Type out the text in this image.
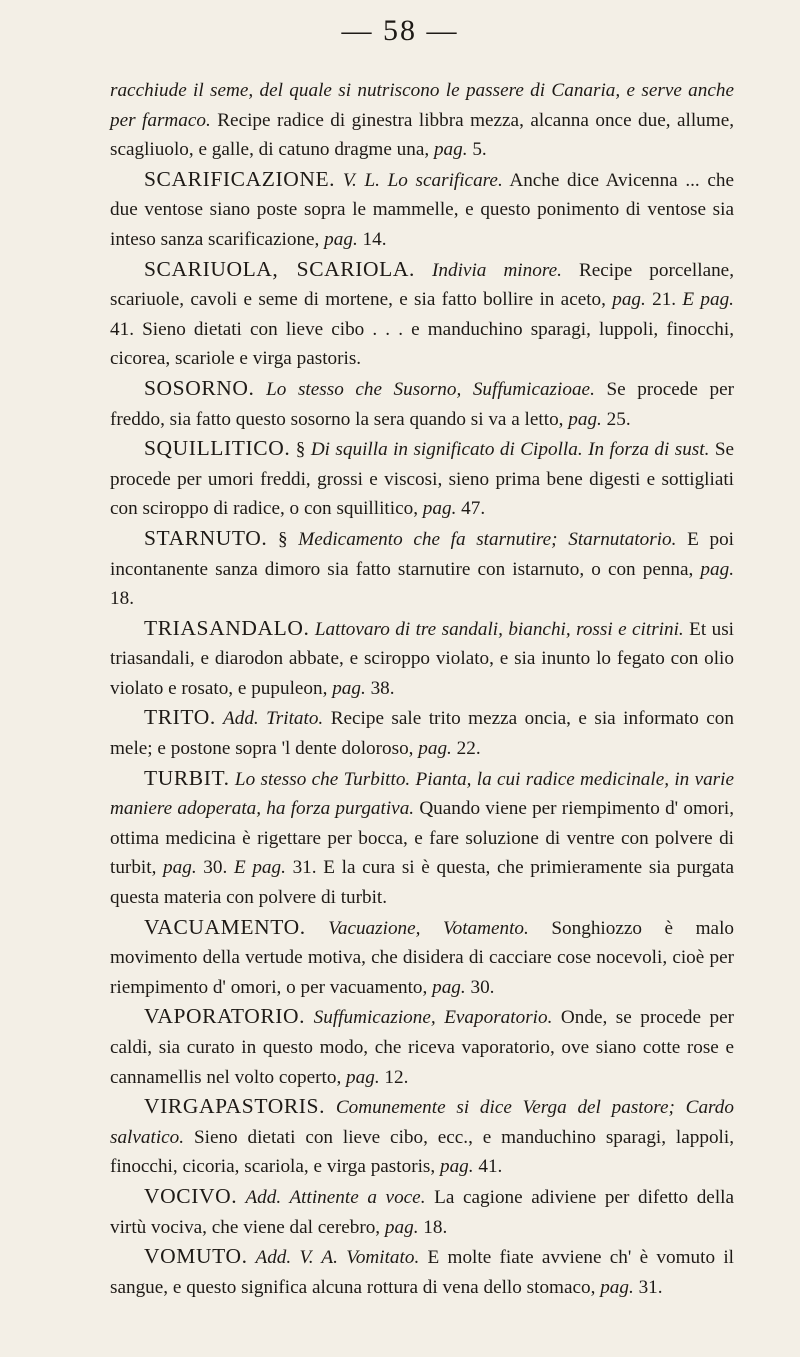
— 58 —

racchiude il seme, del quale si nutriscono le passere di Canaria, e serve anche per farmaco. Recipe radice di ginestra libbra mezza, alcanna once due, allume, scagliuolo, e galle, di catuno dragme una, pag. 5.

SCARIFICAZIONE. V. L. Lo scarificare. Anche dice Avicenna ... che due ventose siano poste sopra le mammelle, e questo ponimento di ventose sia inteso sanza scarificazione, pag. 14.

SCARIUOLA, SCARIOLA. Indivia minore. Recipe porcellane, scariuole, cavoli e seme di mortene, e sia fatto bollire in aceto, pag. 21. E pag. 41. Sieno dietati con lieve cibo . . . e manduchino sparagi, luppoli, finocchi, cicorea, scariole e virga pastoris.

SOSORNO. Lo stesso che Susorno, Suffumicazioae. Se procede per freddo, sia fatto questo sosorno la sera quando si va a letto, pag. 25.

SQUILLITICO. § Di squilla in significato di Cipolla. In forza di sust. Se procede per umori freddi, grossi e viscosi, sieno prima bene digesti e sottigliati con sciroppo di radice, o con squillitico, pag. 47.

STARNUTO. § Medicamento che fa starnutire; Starnutatorio. E poi incontanente sanza dimoro sia fatto starnutire con istarnuto, o con penna, pag. 18.

TRIASANDALO. Lattovaro di tre sandali, bianchi, rossi e citrini. Et usi triasandali, e diarodon abbate, e sciroppo violato, e sia inunto lo fegato con olio violato e rosato, e pupuleon, pag. 38.

TRITO. Add. Tritato. Recipe sale trito mezza oncia, e sia informato con mele; e postone sopra 'l dente doloroso, pag. 22.

TURBIT. Lo stesso che Turbitto. Pianta, la cui radice medicinale, in varie maniere adoperata, ha forza purgativa. Quando viene per riempimento d' omori, ottima medicina è rigettare per bocca, e fare soluzione di ventre con polvere di turbit, pag. 30. E pag. 31. E la cura si è questa, che primieramente sia purgata questa materia con polvere di turbit.

VACUAMENTO. Vacuazione, Votamento. Songhiozzo è malo movimento della vertude motiva, che disidera di cacciare cose nocevoli, cioè per riempimento d' omori, o per vacuamento, pag. 30.

VAPORATORIO. Suffumicazione, Evaporatorio. Onde, se procede per caldi, sia curato in questo modo, che riceva vaporatorio, ove siano cotte rose e cannamellis nel volto coperto, pag. 12.

VIRGAPASTORIS. Comunemente si dice Verga del pastore; Cardo salvatico. Sieno dietati con lieve cibo, ecc., e manduchino sparagi, lappoli, finocchi, cicoria, scariola, e virga pastoris, pag. 41.

VOCIVO. Add. Attinente a voce. La cagione adiviene per difetto della virtù vociva, che viene dal cerebro, pag. 18.

VOMUTO. Add. V. A. Vomitato. E molte fiate avviene ch' è vomuto il sangue, e questo significa alcuna rottura di vena dello stomaco, pag. 31.
